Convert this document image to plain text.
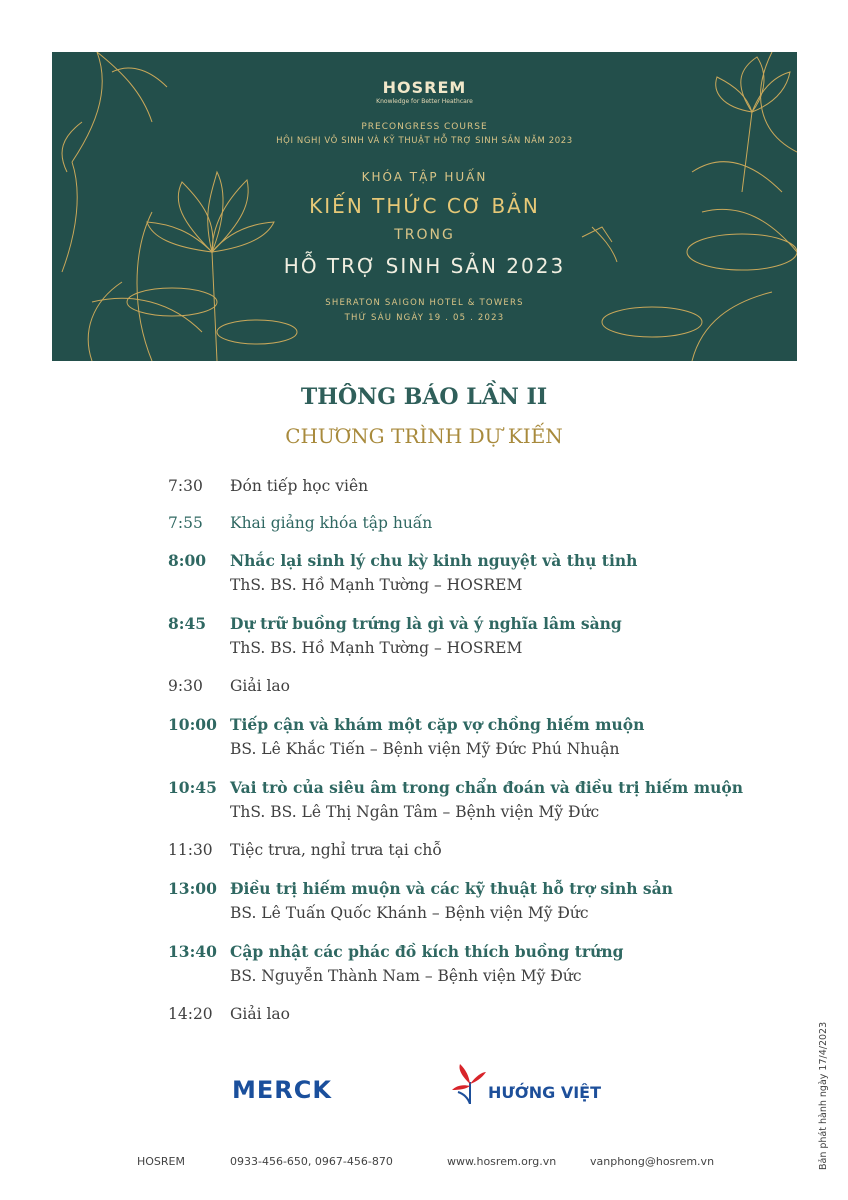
HOSREM
Knowledge for Better Heathcare
PRECONGRESS COURSE
HỘI NGHỊ VÔ SINH VÀ KỸ THUẬT HỖ TRỢ SINH SẢN NĂM 2023
KHÓA TẬP HUẤN
KIẾN THỨC CƠ BẢN
TRONG
HỖ TRỢ SINH SẢN 2023
SHERATON SAIGON HOTEL & TOWERS
THỨ SÁU NGÀY 19 . 05 . 2023
THÔNG BÁO LẦN II
CHƯƠNG TRÌNH DỰ KIẾN
7:30	Đón tiếp học viên
7:55	Khai giảng khóa tập huấn
8:00	Nhắc lại sinh lý chu kỳ kinh nguyệt và thụ tinh
ThS. BS. Hồ Mạnh Tường – HOSREM
8:45	Dự trữ buồng trứng là gì và ý nghĩa lâm sàng
ThS. BS. Hồ Mạnh Tường – HOSREM
9:30	Giải lao
10:00 Tiếp cận và khám một cặp vợ chồng hiếm muộn
BS. Lê Khắc Tiến – Bệnh viện Mỹ Đức Phú Nhuận
10:45 Vai trò của siêu âm trong chẩn đoán và điều trị hiếm muộn
ThS. BS. Lê Thị Ngân Tâm – Bệnh viện Mỹ Đức
11:30	Tiệc trưa, nghỉ trưa tại chỗ
13:00 Điều trị hiếm muộn và các kỹ thuật hỗ trợ sinh sản
BS. Lê Tuấn Quốc Khánh – Bệnh viện Mỹ Đức
13:40 Cập nhật các phác đồ kích thích buồng trứng
BS. Nguyễn Thành Nam – Bệnh viện Mỹ Đức
14:20	Giải lao
Bản phát hành ngày 17/4/2023
MERCK	HƯỚNG VIỆT
HOSREM	0933-456-650, 0967-456-870	www.hosrem.org.vn	vanphong@hosrem.vn
